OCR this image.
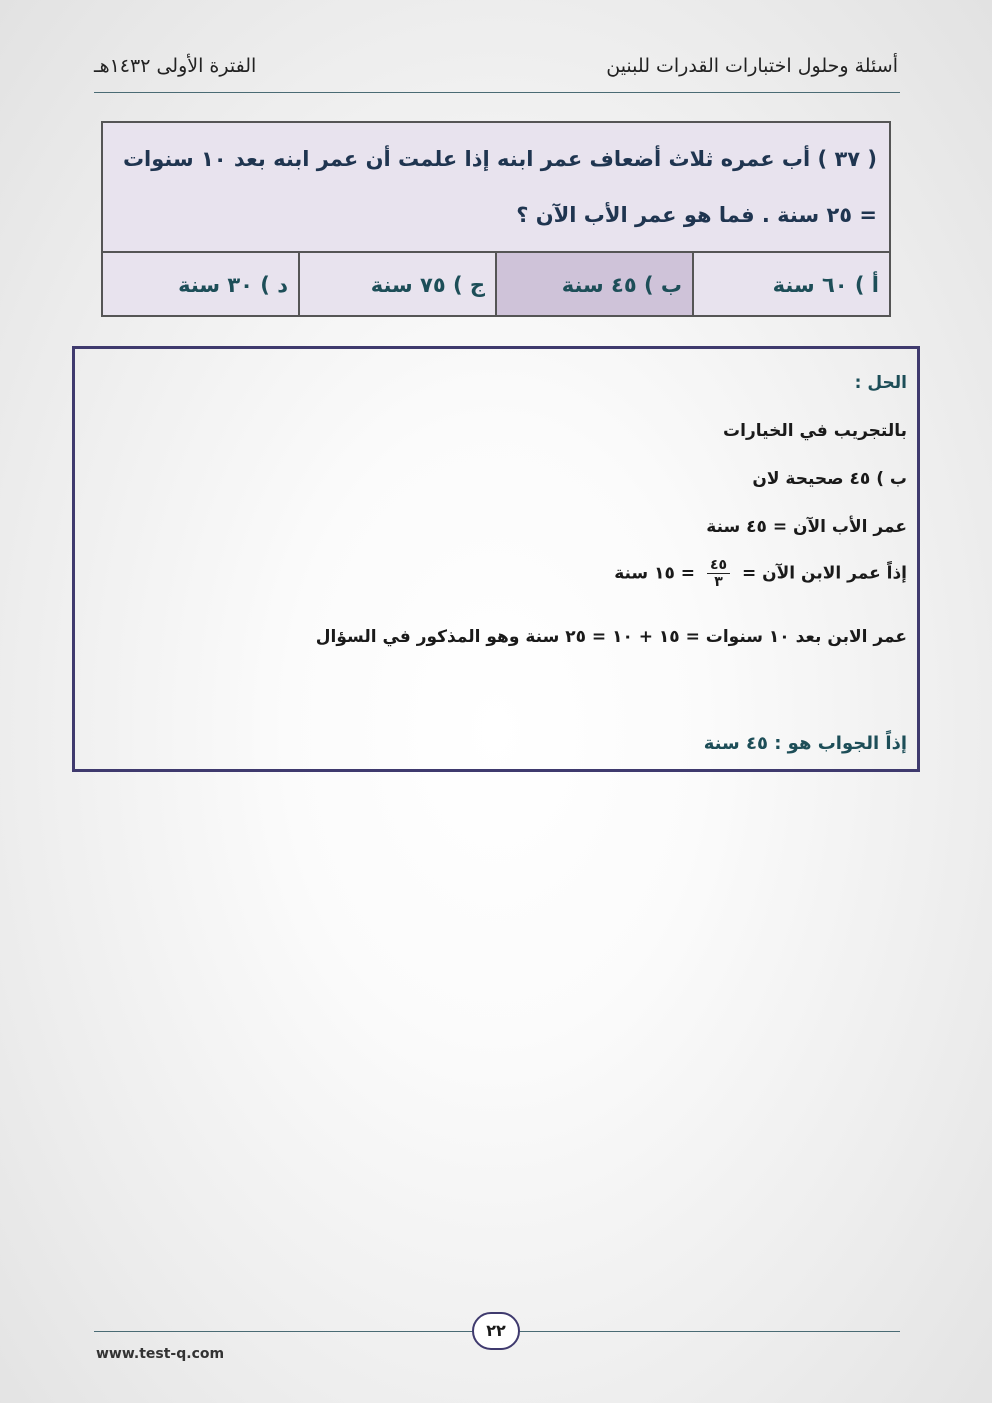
أسئلة وحلول اختبارات القدرات للبنين
الفترة الأولى ١٤٣٢هـ
( ٣٧ ) أب عمره ثلاث أضعاف عمر ابنه إذا علمت أن عمر ابنه بعد ١٠ سنوات
= ٢٥ سنة . فما هو عمر الأب الآن ؟
أ ) ٦٠ سنة
ب ) ٤٥ سنة
ج ) ٧٥ سنة
د ) ٣٠ سنة
الحل :
بالتجريب في الخيارات
ب ) ٤٥ صحيحة لان
عمر الأب الآن = ٤٥ سنة
إذاً عمر الابن الآن =
$\frac{٤٥}{٣}$
= ١٥ سنة
عمر الابن بعد ١٠ سنوات = ١٥ + ١٠ = ٢٥ سنة وهو المذكور في السؤال
إذاً الجواب هو : ٤٥ سنة
٢٢
www.test-q.com
